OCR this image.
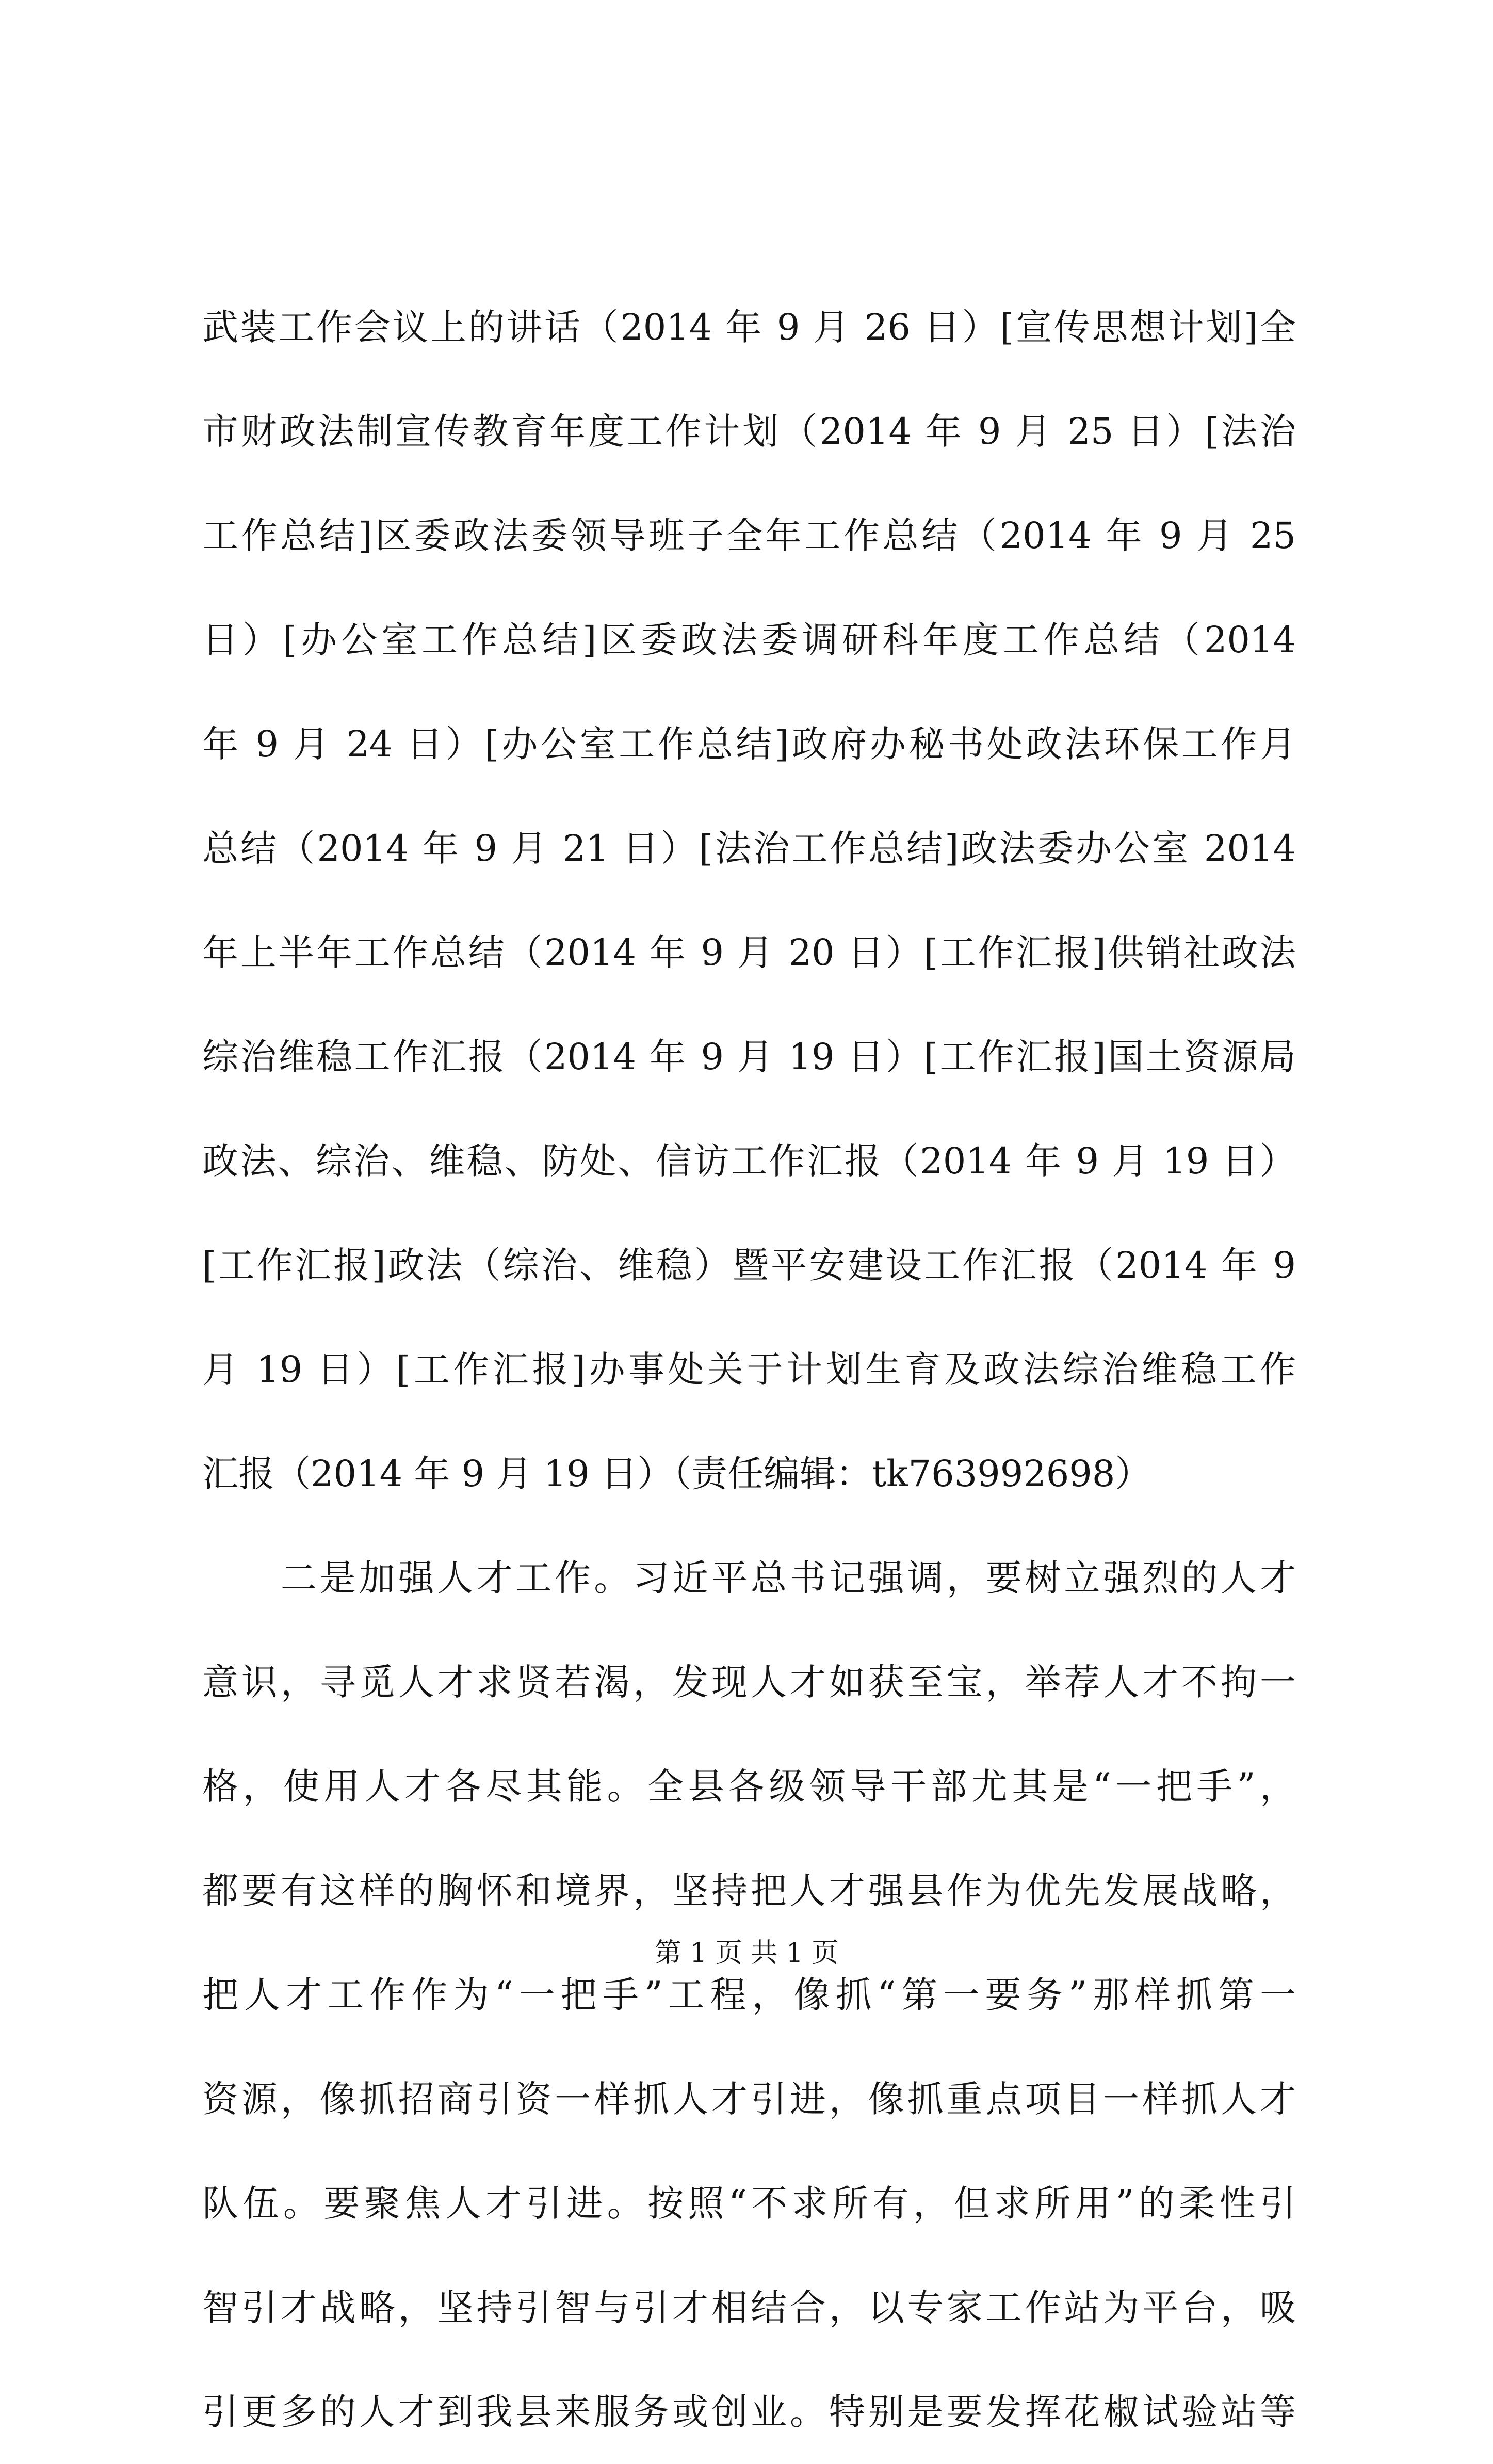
武装工作会议上的讲话（2014 年 9 月 26 日）[宣传思想计划]全
市财政法制宣传教育年度工作计划（2014 年 9 月 25 日）[法治
工作总结]区委政法委领导班子全年工作总结（2014 年 9 月 25
日）[办公室工作总结]区委政法委调研科年度工作总结（2014
年 9 月 24 日）[办公室工作总结]政府办秘书处政法环保工作月
总结（2014 年 9 月 21 日）[法治工作总结]政法委办公室 2014
年上半年工作总结（2014 年 9 月 20 日）[工作汇报]供销社政法
综治维稳工作汇报（2014 年 9 月 19 日）[工作汇报]国土资源局
政法、综治、维稳、防处、信访工作汇报（2014 年 9 月 19 日）
[工作汇报]政法（综治、维稳）暨平安建设工作汇报（2014 年 9
月 19 日）[工作汇报]办事处关于计划生育及政法综治维稳工作
汇报（2014 年 9 月 19 日）（责任编辑：tk763992698）
　　二是加强人才工作。习近平总书记强调，要树立强烈的人才
意识，寻觅人才求贤若渴，发现人才如获至宝，举荐人才不拘一
格，使用人才各尽其能。全县各级领导干部尤其是“一把手”，
都要有这样的胸怀和境界，坚持把人才强县作为优先发展战略，
把人才工作作为“一把手”工程，像抓“第一要务”那样抓第一
资源，像抓招商引资一样抓人才引进，像抓重点项目一样抓人才
队伍。要聚焦人才引进。按照“不求所有，但求所用”的柔性引
智引才战略，坚持引智与引才相结合，以专家工作站为平台，吸
引更多的人才到我县来服务或创业。特别是要发挥花椒试验站等
第 1 页 共 1 页
